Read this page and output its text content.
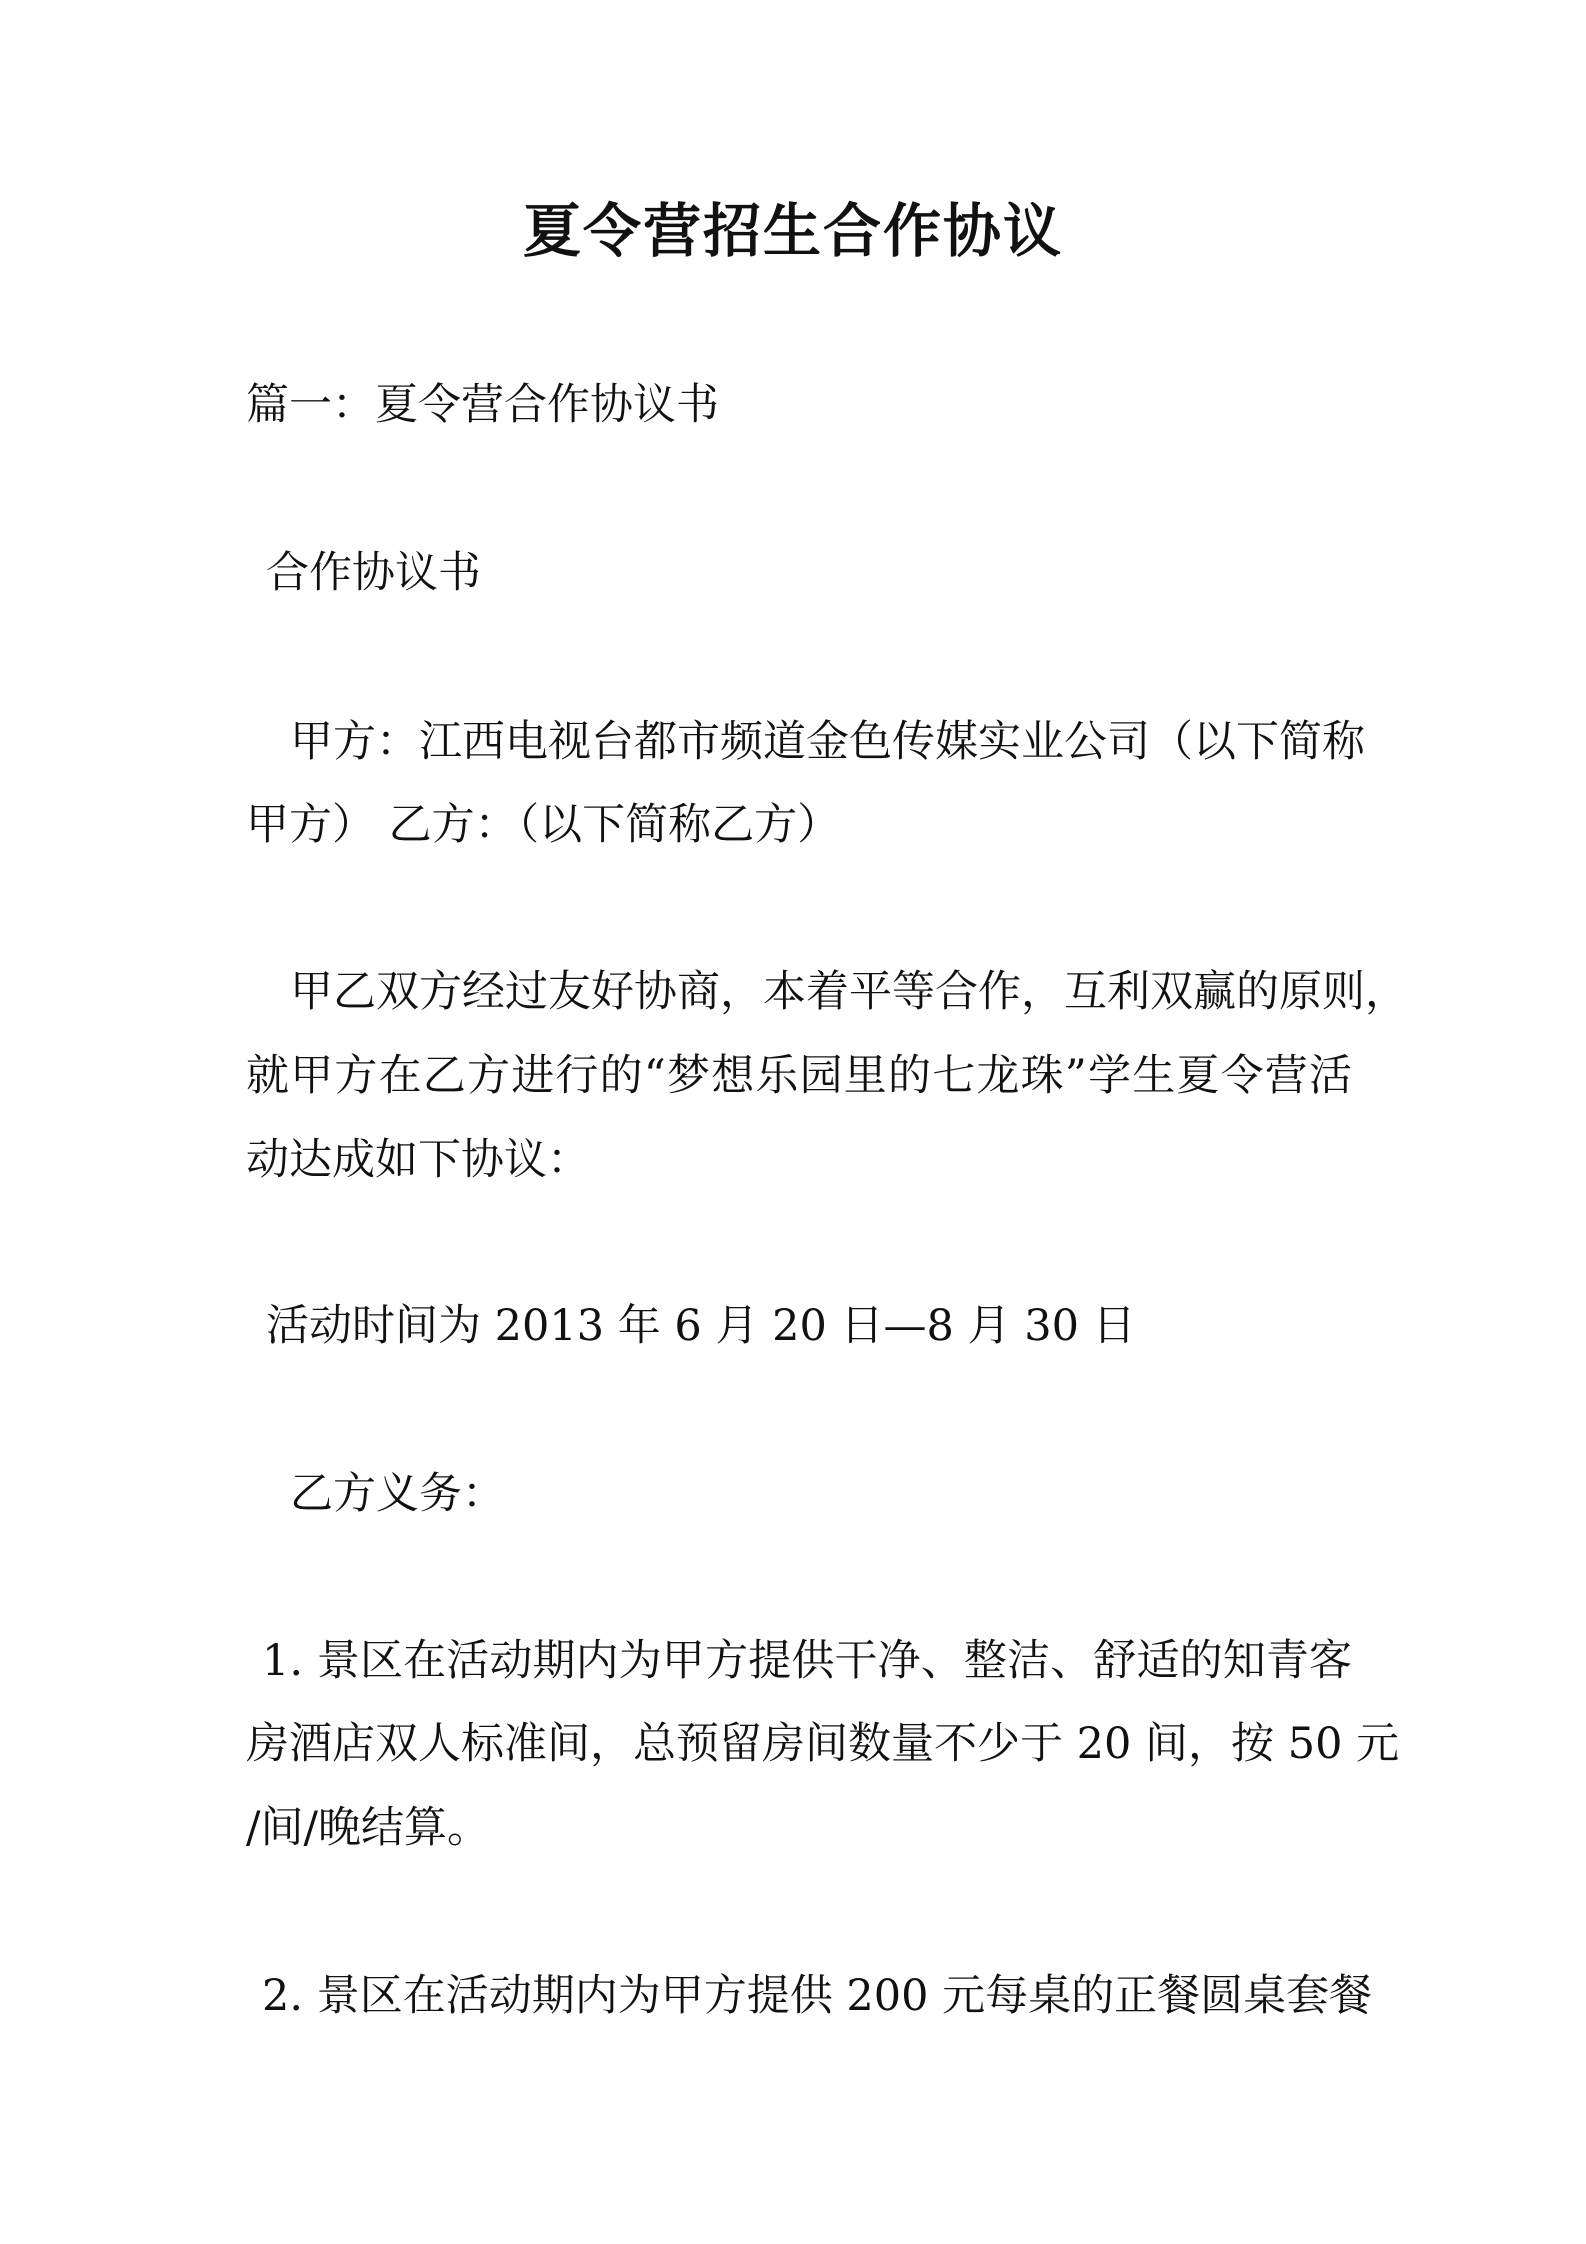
夏令营招生合作协议
篇一：夏令营合作协议书
合作协议书
甲方：江西电视台都市频道金色传媒实业公司（以下简称
甲方） 乙方：（以下简称乙方）
甲乙双方经过友好协商，本着平等合作，互利双赢的原则，
就甲方在乙方进行的“梦想乐园里的七龙珠”学生夏令营活
动达成如下协议：
活动时间为 2013 年 6 月 20 日—8 月 30 日
乙方义务：
1. 景区在活动期内为甲方提供干净、整洁、舒适的知青客
房酒店双人标准间，总预留房间数量不少于 20 间，按 50 元
/间/晚结算。
2. 景区在活动期内为甲方提供 200 元每桌的正餐圆桌套餐
